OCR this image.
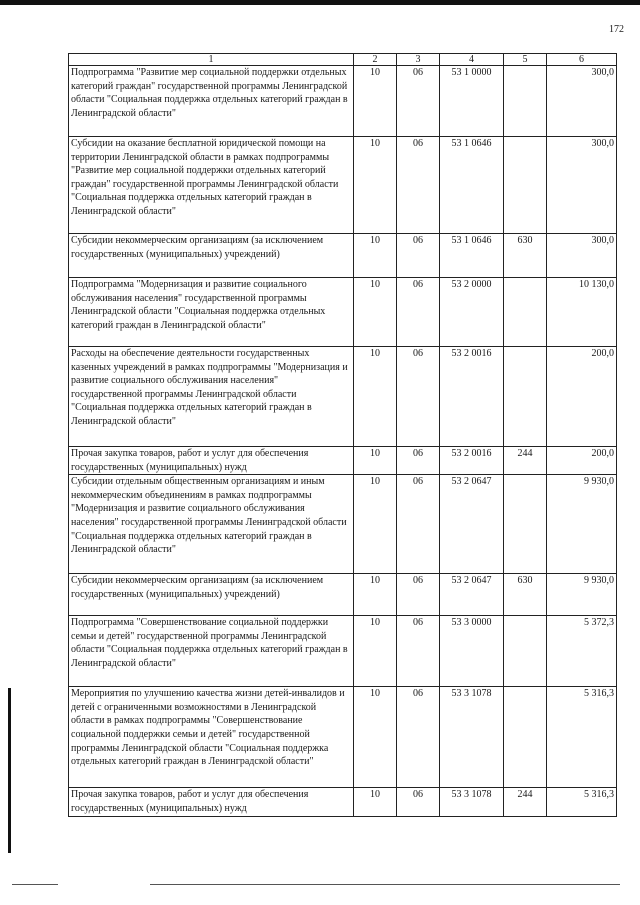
172
1	2	3	4	5	6
Подпрограмма "Развитие мер социальной поддержки отдельных категорий граждан" государственной программы Ленинградской области "Социальная поддержка отдельных категорий граждан в Ленинградской области"	10	06	53 1 0000		300,0
Субсидии на оказание бесплатной юридической помощи на территории Ленинградской области в рамках подпрограммы "Развитие мер социальной поддержки отдельных категорий граждан" государственной программы Ленинградской области "Социальная поддержка отдельных категорий граждан в Ленинградской области"	10	06	53 1 0646		300,0
Субсидии некоммерческим организациям (за исключением государственных (муниципальных) учреждений)	10	06	53 1 0646	630	300,0
Подпрограмма "Модернизация и развитие социального обслуживания населения" государственной программы Ленинградской области "Социальная поддержка отдельных категорий граждан в Ленинградской области"	10	06	53 2 0000		10 130,0
Расходы на обеспечение деятельности государственных казенных учреждений в рамках подпрограммы "Модернизация и развитие социального обслуживания населения" государственной программы Ленинградской области "Социальная поддержка отдельных категорий граждан в Ленинградской области"	10	06	53 2 0016		200,0
Прочая закупка товаров, работ и услуг для обеспечения государственных (муниципальных) нужд	10	06	53 2 0016	244	200,0
Субсидии отдельным общественным организациям и иным некоммерческим объединениям в рамках подпрограммы "Модернизация и развитие социального обслуживания населения" государственной программы Ленинградской области "Социальная поддержка отдельных категорий граждан в Ленинградской области"	10	06	53 2 0647		9 930,0
Субсидии некоммерческим организациям (за исключением государственных (муниципальных) учреждений)	10	06	53 2 0647	630	9 930,0
Подпрограмма "Совершенствование социальной поддержки семьи и детей" государственной программы Ленинградской области "Социальная поддержка отдельных категорий граждан в Ленинградской области"	10	06	53 3 0000		5 372,3
Мероприятия по улучшению качества жизни детей-инвалидов и детей с ограниченными возможностями в Ленинградской области в рамках подпрограммы "Совершенствование социальной поддержки семьи и детей" государственной программы Ленинградской области "Социальная поддержка отдельных категорий граждан в Ленинградской области"	10	06	53 3 1078		5 316,3
Прочая закупка товаров, работ и услуг для обеспечения государственных (муниципальных) нужд	10	06	53 3 1078	244	5 316,3
